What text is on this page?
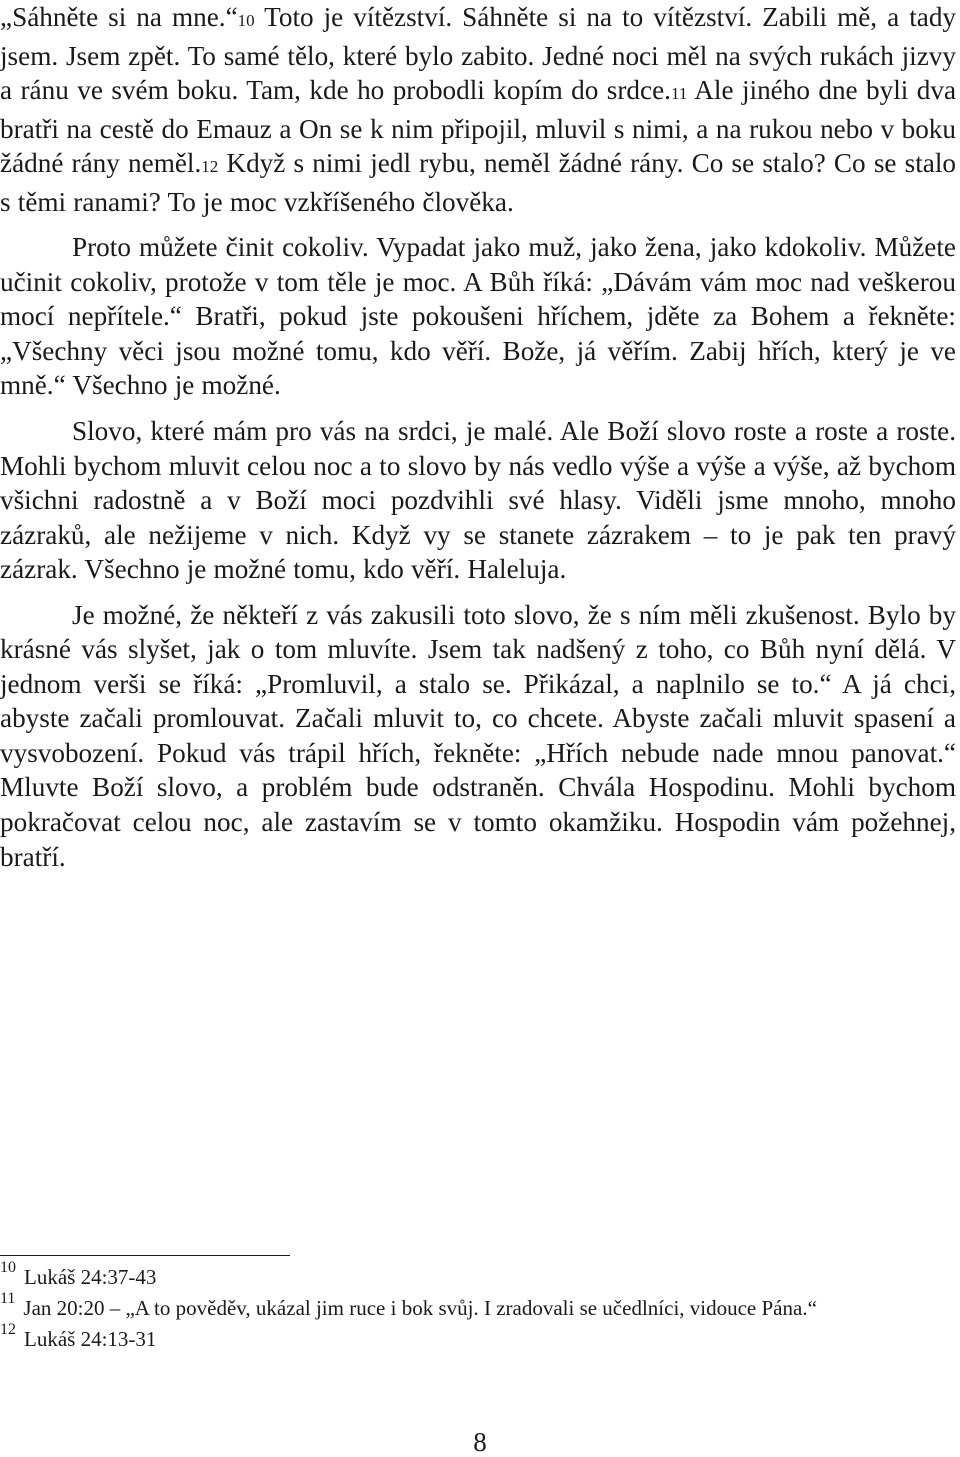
„Sáhněte si na mne.“10 Toto je vítězství. Sáhněte si na to vítězství. Zabili mě, a tady jsem. Jsem zpět. To samé tělo, které bylo zabito. Jedné noci měl na svých rukách jizvy a ránu ve svém boku. Tam, kde ho probodli kopím do srdce.11 Ale jiného dne byli dva bratři na cestě do Emauz a On se k nim připojil, mluvil s nimi, a na rukou nebo v boku žádné rány neměl.12 Když s nimi jedl rybu, neměl žádné rány. Co se stalo? Co se stalo s těmi ranami? To je moc vzkříšeného člověka.

Proto můžete činit cokoliv. Vypadat jako muž, jako žena, jako kdokoliv. Můžete učinit cokoliv, protože v tom těle je moc. A Bůh říká: „Dávám vám moc nad veškerou mocí nepřítele.“ Bratři, pokud jste pokoušeni hříchem, jděte za Bohem a řekněte: „Všechny věci jsou možné tomu, kdo věří. Bože, já věřím. Zabij hřích, který je ve mně.“ Všechno je možné.

Slovo, které mám pro vás na srdci, je malé. Ale Boží slovo roste a roste a roste. Mohli bychom mluvit celou noc a to slovo by nás vedlo výše a výše a výše, až bychom všichni radostně a v Boží moci pozdvihli své hlasy. Viděli jsme mnoho, mnoho zázraků, ale nežijeme v nich. Když vy se stanete zázrakem – to je pak ten pravý zázrak. Všechno je možné tomu, kdo věří. Haleluja.

Je možné, že někteří z vás zakusili toto slovo, že s ním měli zkušenost. Bylo by krásné vás slyšet, jak o tom mluvíte. Jsem tak nadšený z toho, co Bůh nyní dělá. V jednom verši se říká: „Promluvil, a stalo se. Přikázal, a naplnilo se to.“ A já chci, abyste začali promlouvat. Začali mluvit to, co chcete. Abyste začali mluvit spasení a vysvobození. Pokud vás trápil hřích, řekněte: „Hřích nebude nade mnou panovat.“ Mluvte Boží slovo, a problém bude odstraněn. Chvála Hospodinu. Mohli bychom pokračovat celou noc, ale zastavím se v tomto okamžiku. Hospodin vám požehnej, bratří.

$^{10}$ Lukáš 24:37-43

$^{11}$ Jan 20:20 – „A to pověděv, ukázal jim ruce i bok svůj. I zradovali se učedlníci, vidouce Pána.“

$^{12}$ Lukáš 24:13-31

8
